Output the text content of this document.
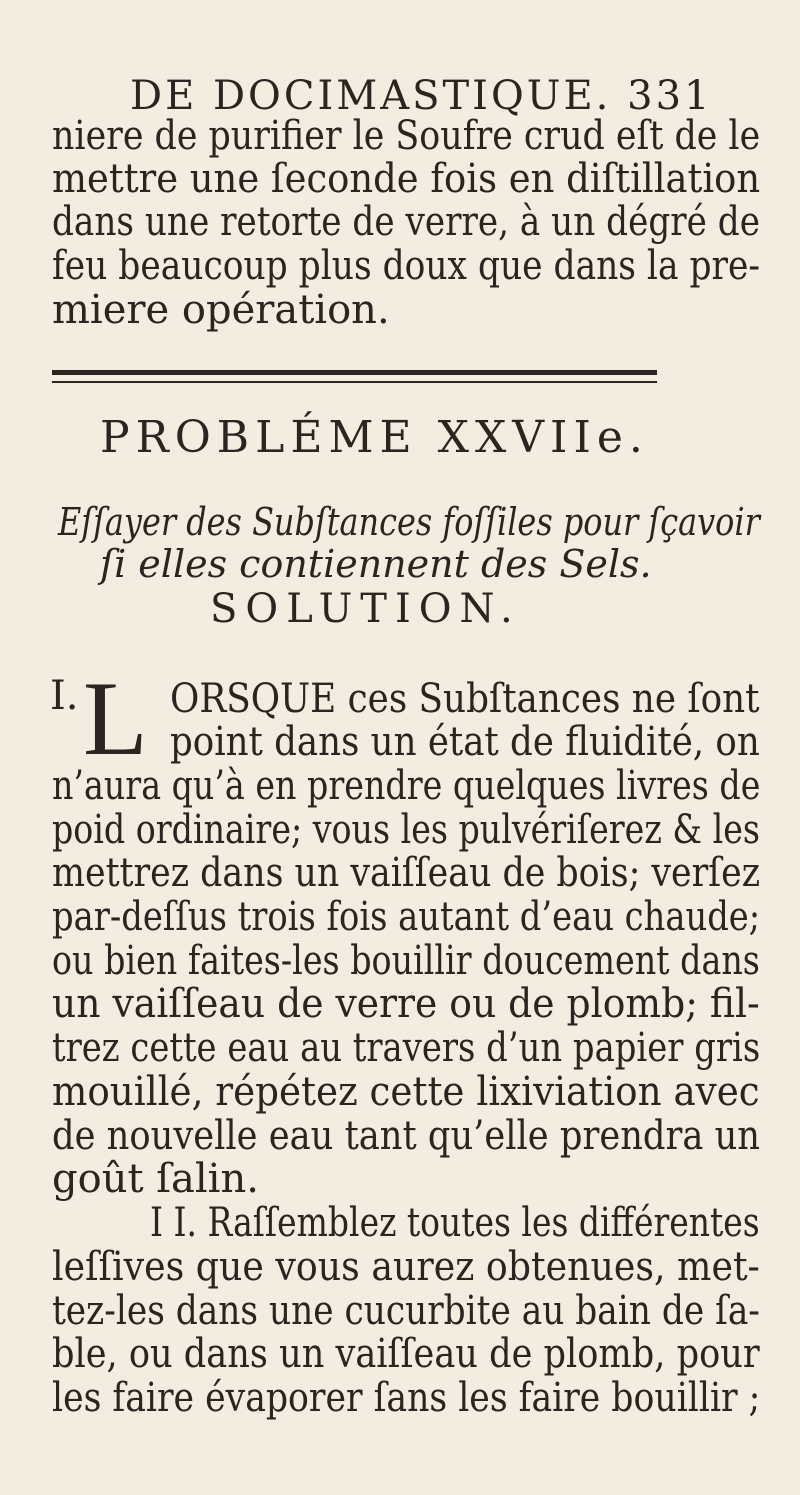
DE DOCIMASTIQUE. 331
niere de purifier le Soufre crud eſt de le
mettre une ſeconde fois en diſtillation
dans une retorte de verre, à un dégré de
feu beaucoup plus doux que dans la pre-
miere opération.
PROBLÉME XXVIIe.
Eſſayer des Subſtances foſſiles pour ſçavoir
ſi elles contiennent des Sels.
SOLUTION.
I. L ORSQUE ces Subſtances ne ſont
point dans un état de fluidité, on
n’aura qu’à en prendre quelques livres de
poid ordinaire; vous les pulvériſerez & les
mettrez dans un vaiſſeau de bois; verſez
par-deſſus trois fois autant d’eau chaude;
ou bien faites-les bouillir doucement dans
un vaiſſeau de verre ou de plomb; fil-
trez cette eau au travers d’un papier gris
mouillé, répétez cette lixiviation avec
de nouvelle eau tant qu’elle prendra un
goût ſalin.
I I. Raſſemblez toutes les différentes
leſſives que vous aurez obtenues, met-
tez-les dans une cucurbite au bain de ſa-
ble, ou dans un vaiſſeau de plomb, pour
les faire évaporer ſans les faire bouillir ;
